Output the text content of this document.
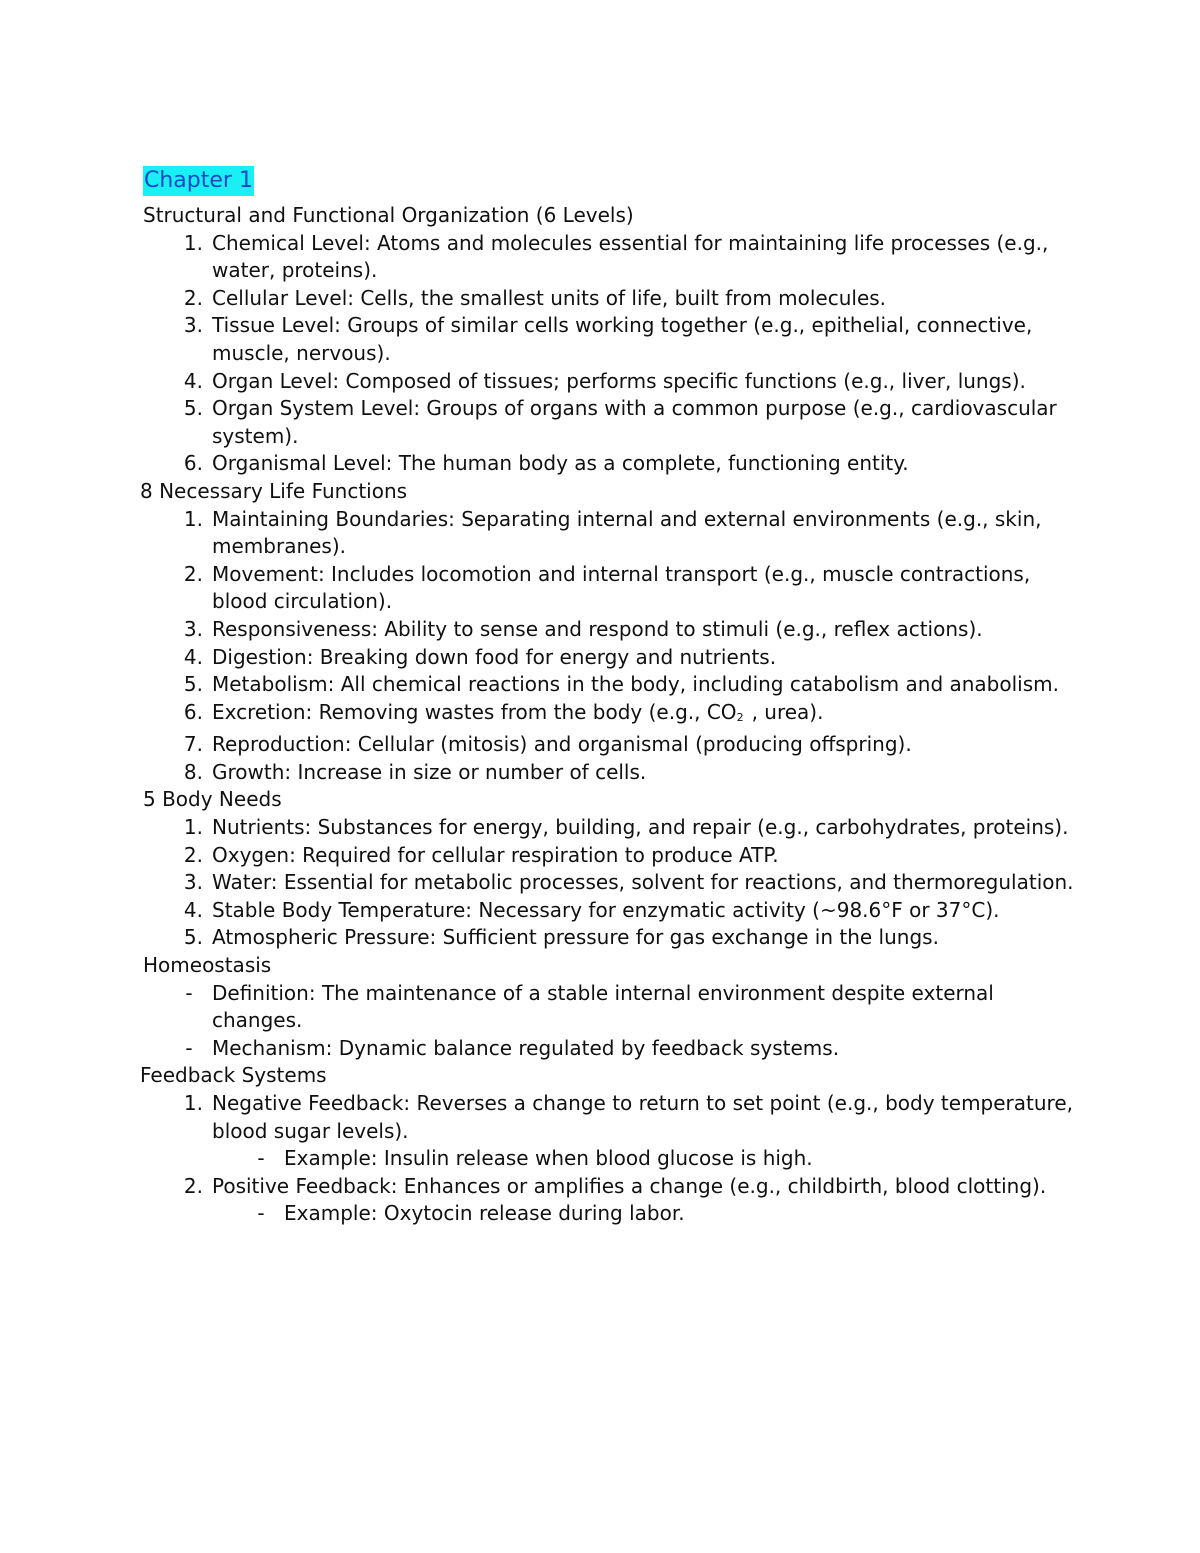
Chapter 1
Structural and Functional Organization (6 Levels)
1. Chemical Level: Atoms and molecules essential for maintaining life processes (e.g., water, proteins).
2. Cellular Level: Cells, the smallest units of life, built from molecules.
3. Tissue Level: Groups of similar cells working together (e.g., epithelial, connective, muscle, nervous).
4. Organ Level: Composed of tissues; performs specific functions (e.g., liver, lungs).
5. Organ System Level: Groups of organs with a common purpose (e.g., cardiovascular system).
6. Organismal Level: The human body as a complete, functioning entity.
8 Necessary Life Functions
1. Maintaining Boundaries: Separating internal and external environments (e.g., skin, membranes).
2. Movement: Includes locomotion and internal transport (e.g., muscle contractions, blood circulation).
3. Responsiveness: Ability to sense and respond to stimuli (e.g., reflex actions).
4. Digestion: Breaking down food for energy and nutrients.
5. Metabolism: All chemical reactions in the body, including catabolism and anabolism.
6. Excretion: Removing wastes from the body (e.g., $CO_2$ , urea).
7. Reproduction: Cellular (mitosis) and organismal (producing offspring).
8. Growth: Increase in size or number of cells.
5 Body Needs
1. Nutrients: Substances for energy, building, and repair (e.g., carbohydrates, proteins).
2. Oxygen: Required for cellular respiration to produce ATP.
3. Water: Essential for metabolic processes, solvent for reactions, and thermoregulation.
4. Stable Body Temperature: Necessary for enzymatic activity (~98.6°F or 37°C).
5. Atmospheric Pressure: Sufficient pressure for gas exchange in the lungs.
Homeostasis
- Definition: The maintenance of a stable internal environment despite external changes.
- Mechanism: Dynamic balance regulated by feedback systems.
Feedback Systems
1. Negative Feedback: Reverses a change to return to set point (e.g., body temperature, blood sugar levels).
- Example: Insulin release when blood glucose is high.
2. Positive Feedback: Enhances or amplifies a change (e.g., childbirth, blood clotting).
- Example: Oxytocin release during labor.
